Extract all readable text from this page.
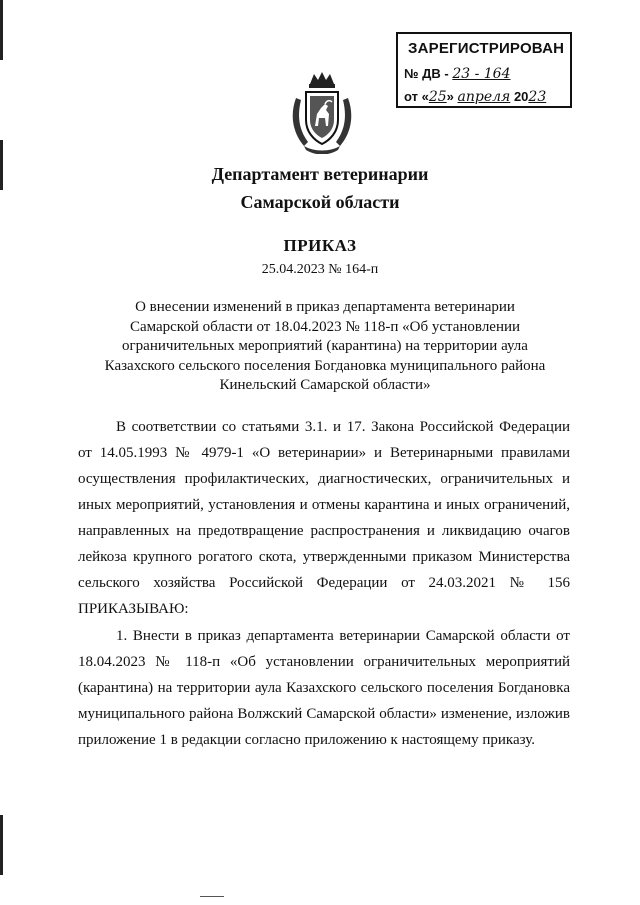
ЗАРЕГИСТРИРОВАН
№ ДВ - 23 - 164
от «25» апреля 2023
Департамент ветеринарии
Самарской области
ПРИКАЗ
25.04.2023 № 164-п
О внесении изменений в приказ департамента ветеринарии Самарской области от 18.04.2023 № 118-п «Об установлении ограничительных мероприятий (карантина) на территории аула Казахского сельского поселения Богдановка муниципального района Кинельский Самарской области»
В соответствии со статьями 3.1. и 17. Закона Российской Федерации от 14.05.1993 № 4979-1 «О ветеринарии» и Ветеринарными правилами осуществления профилактических, диагностических, ограничительных и иных мероприятий, установления и отмены карантина и иных ограничений, направленных на предотвращение распространения и ликвидацию очагов лейкоза крупного рогатого скота, утвержденными приказом Министерства сельского хозяйства Российской Федерации от 24.03.2021 № 156 ПРИКАЗЫВАЮ:
1. Внести в приказ департамента ветеринарии Самарской области от 18.04.2023 № 118-п «Об установлении ограничительных мероприятий (карантина) на территории аула Казахского сельского поселения Богдановка муниципального района Волжский Самарской области» изменение, изложив приложение 1 в редакции согласно приложению к настоящему приказу.
